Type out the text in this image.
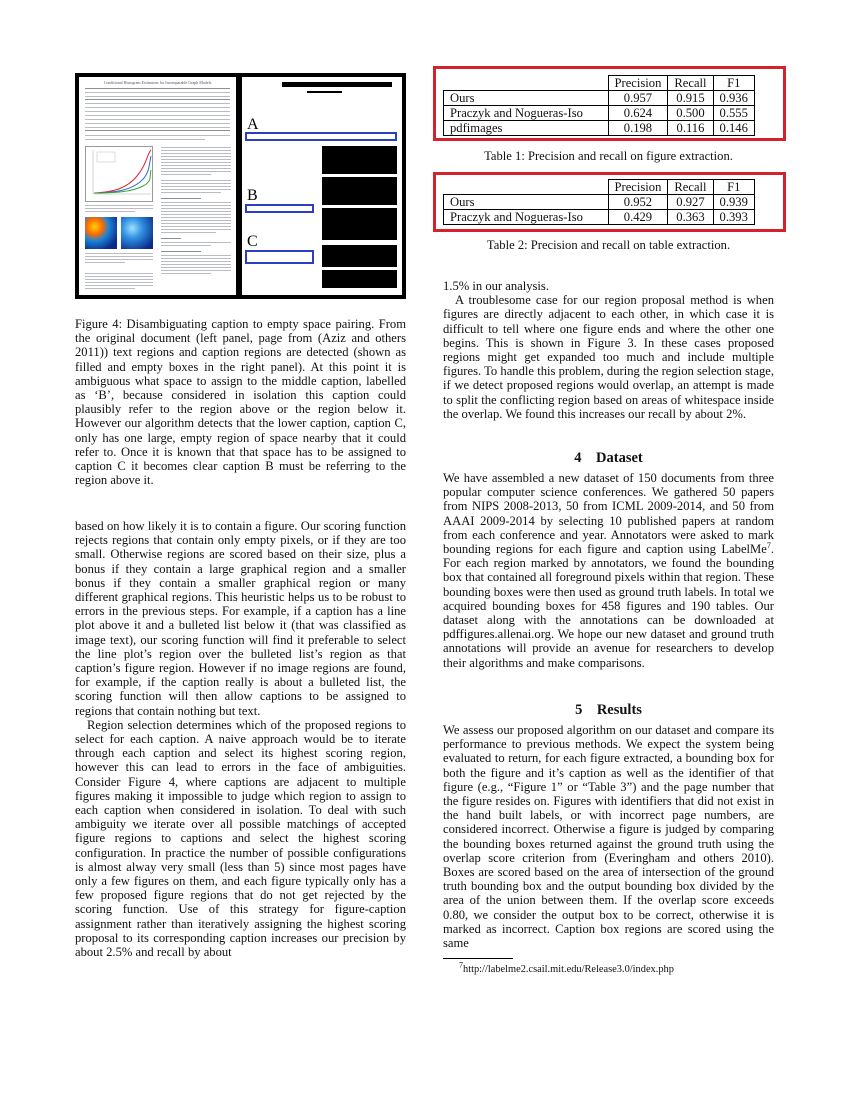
Conditional Histogram Estimators for Incomparable Graph Models
A
B
C
Figure 4: Disambiguating caption to empty space pairing. From the original document (left panel, page from (Aziz and others 2011)) text regions and caption regions are detected (shown as filled and empty boxes in the right panel). At this point it is ambiguous what space to assign to the middle caption, labelled as ‘B’, because considered in isolation this caption could plausibly refer to the region above or the region below it. However our algorithm detects that the lower caption, caption C, only has one large, empty region of space nearby that it could refer to. Once it is known that that space has to be assigned to caption C it becomes clear caption B must be referring to the region above it.

based on how likely it is to contain a figure. Our scoring function rejects regions that contain only empty pixels, or if they are too small. Otherwise regions are scored based on their size, plus a bonus if they contain a large graphical region and a smaller bonus if they contain a smaller graphical region or many different graphical regions. This heuristic helps us to be robust to errors in the previous steps. For example, if a caption has a line plot above it and a bulleted list below it (that was classified as image text), our scoring function will find it preferable to select the line plot’s region over the bulleted list’s region as that caption’s figure region. However if no image regions are found, for example, if the caption really is about a bulleted list, the scoring function will then allow captions to be assigned to regions that contain nothing but text.

Region selection determines which of the proposed regions to select for each caption. A naive approach would be to iterate through each caption and select its highest scoring region, however this can lead to errors in the face of ambiguities. Consider Figure 4, where captions are adjacent to multiple figures making it impossible to judge which region to assign to each caption when considered in isolation. To deal with such ambiguity we iterate over all possible matchings of accepted figure regions to captions and select the highest scoring configuration. In practice the number of possible configurations is almost alway very small (less than 5) since most pages have only a few figures on them, and each figure typically only has a few proposed figure regions that do not get rejected by the scoring function. Use of this strategy for figure-caption assignment rather than iteratively assigning the highest scoring proposal to its corresponding caption increases our precision by about 2.5% and recall by about

	Precision	Recall	F1
Ours	0.957	0.915	0.936
Praczyk and Nogueras-Iso	0.624	0.500	0.555
pdfimages	0.198	0.116	0.146
Table 1: Precision and recall on figure extraction.
	Precision	Recall	F1
Ours	0.952	0.927	0.939
Praczyk and Nogueras-Iso	0.429	0.363	0.393
Table 2: Precision and recall on table extraction.

1.5% in our analysis.

A troublesome case for our region proposal method is when figures are directly adjacent to each other, in which case it is difficult to tell where one figure ends and where the other one begins. This is shown in Figure 3. In these cases proposed regions might get expanded too much and include multiple figures. To handle this problem, during the region selection stage, if we detect proposed regions would overlap, an attempt is made to split the conflicting region based on areas of whitespace inside the overlap. We found this increases our recall by about 2%.

4 Dataset
We have assembled a new dataset of 150 documents from three popular computer science conferences. We gathered 50 papers from NIPS 2008-2013, 50 from ICML 2009-2014, and 50 from AAAI 2009-2014 by selecting 10 published papers at random from each conference and year. Annotators were asked to mark bounding regions for each figure and caption using LabelMe$^7$. For each region marked by annotators, we found the bounding box that contained all foreground pixels within that region. These bounding boxes were then used as ground truth labels. In total we acquired bounding boxes for 458 figures and 190 tables. Our dataset along with the annotations can be downloaded at pdffigures.allenai.org. We hope our new dataset and ground truth annotations will provide an avenue for researchers to develop their algorithms and make comparisons.
5 Results
We assess our proposed algorithm on our dataset and compare its performance to previous methods. We expect the system being evaluated to return, for each figure extracted, a bounding box for both the figure and it’s caption as well as the identifier of that figure (e.g., “Figure 1” or “Table 3”) and the page number that the figure resides on. Figures with identifiers that did not exist in the hand built labels, or with incorrect page numbers, are considered incorrect. Otherwise a figure is judged by comparing the bounding boxes returned against the ground truth using the overlap score criterion from (Everingham and others 2010). Boxes are scored based on the area of intersection of the ground truth bounding box and the output bounding box divided by the area of the union between them. If the overlap score exceeds 0.80, we consider the output box to be correct, otherwise it is marked as incorrect. Caption box regions are scored using the same
$^7$http://labelme2.csail.mit.edu/Release3.0/index.php
